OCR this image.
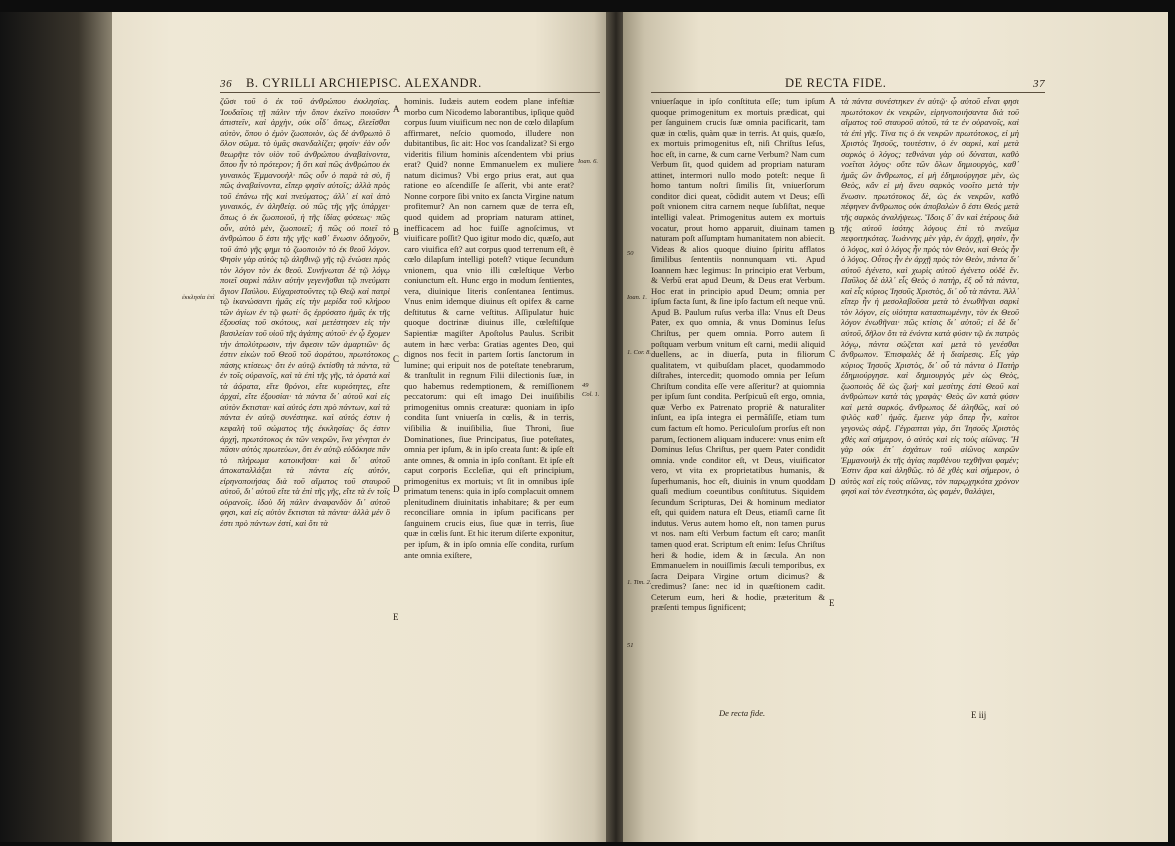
36 B. CYRILLI ARCHIEPISC. ALEXANDR.
ἐκκλησία ἐπὶ

ζῶσι τοῦ ὁ ἐκ τοῦ ἀνθρώπου ἐκκλησίας. Ἰουδαῖοις τῇ πάλιν τὴν ὅπον ἐκεῖνο ποιοῦσιν ἀπιστεῖν, καὶ ἀρχὴν, οὐκ οἶδ᾽ ὅπως, ἐλεεῖσθαι αὐτὸν, ὅπου ὁ ἐμὸν ζωοποιὸν, ὡς δὲ ἀνθρωπὸ ὃ ὅλον σῶμα. τὸ ὑμᾶς σκανδαλίζει; φησίν· ἐὰν οὖν θεωρῆτε τὸν υἱὸν τοῦ ἀνθρώπου ἀναβαίνοντα, ὅπου ἦν τὸ πρότερον; ἢ ὅτι καὶ πῶς ἀνθρώπου ἐκ γυναικὸς Ἐμμανουὴλ· πῶς οὖν ὁ παρὰ τὰ σὺ, ἢ πῶς ἀναβαίνοντα, εἴπερ φησὶν αὐτοῖς; ἀλλὰ πρὸς τοῦ ἐπάνω τῆς καὶ πνεύματος; ἀλλ᾽ εἰ καὶ ἀπὸ γυναικός, ἐν ἀληθείᾳ. οὐ πῶς τῆς γῆς ὑπάρχει· ὅπως ὁ ἐκ ζωοποιοῦ, ἡ τῆς ἰδίας φύσεως· πῶς οὖν, αὐτὸ μὲν, ζωοποιεῖ; ἢ πῶς οὐ ποιεῖ τὸ ἀνθρώπου ὅ ἐστι τῆς γῆς· καθ᾽ ἕνωσιν ὁδηγοῦν, τοῦ ἀπὸ γῆς φημι τὸ ζωοποιὸν τὸ ἐκ θεοῦ λόγον. Φησὶν γὰρ αὐτὸς τῷ ἀληθινῷ γῆς τῷ ἐνώσει πρὸς τὸν λόγον τὸν ἐκ θεοῦ. Συνήνωται δὲ τῷ λόγῳ ποιεῖ σαρκὶ πάλιν αὐτὴν γεγενῆσθαι τῷ πνεύματι ἅγιον Παύλου. Εὐχαριστοῦντες τῷ Θεῷ καὶ πατρὶ τῷ ἱκανώσαντι ἡμᾶς εἰς τὴν μερίδα τοῦ κλήρου τῶν ἁγίων ἐν τῷ φωτί· ὃς ἐρρύσατο ἡμᾶς ἐκ τῆς ἐξουσίας τοῦ σκότους, καὶ μετέστησεν εἰς τὴν βασιλείαν τοῦ υἱοῦ τῆς ἀγάπης αὐτοῦ· ἐν ᾧ ἔχομεν τὴν ἀπολύτρωσιν, τὴν ἄφεσιν τῶν ἁμαρτιῶν· ὅς ἐστιν εἰκὼν τοῦ Θεοῦ τοῦ ἀοράτου, πρωτότοκος πάσης κτίσεως· ὅτι ἐν αὐτῷ ἐκτίσθη τὰ πάντα, τὰ ἐν τοῖς οὐρανοῖς, καὶ τὰ ἐπὶ τῆς γῆς, τὰ ὁρατὰ καὶ τὰ ἀόρατα, εἴτε θρόνοι, εἴτε κυριότητες, εἴτε ἀρχαί, εἴτε ἐξουσίαι· τὰ πάντα δι᾽ αὐτοῦ καὶ εἰς αὐτὸν ἔκτισται· καὶ αὐτός ἐστι πρὸ πάντων, καὶ τὰ πάντα ἐν αὐτῷ συνέστηκε. καὶ αὐτός ἐστιν ἡ κεφαλὴ τοῦ σώματος τῆς ἐκκλησίας· ὅς ἐστιν ἀρχή, πρωτότοκος ἐκ τῶν νεκρῶν, ἵνα γένηται ἐν πᾶσιν αὐτὸς πρωτεύων, ὅτι ἐν αὐτῷ εὐδόκησε πᾶν τὸ πλήρωμα κατοικῆσαι· καὶ δι᾽ αὐτοῦ ἀποκαταλλάξαι τὰ πάντα εἰς αὐτόν, εἰρηνοποιήσας διὰ τοῦ αἵματος τοῦ σταυροῦ αὐτοῦ, δι᾽ αὐτοῦ εἴτε τὰ ἐπὶ τῆς γῆς, εἴτε τὰ ἐν τοῖς οὐρανοῖς. ἰδοὺ δὴ πάλιν ἀναφανδὸν δι᾽ αὐτοῦ φησι, καὶ εἰς αὐτὸν ἔκτισται τὰ πάντα· ἀλλὰ μέν ὃ ἐστι πρὸ πάντων ἐστί, καὶ ὅτι τὰ

A
B
C
D
E

hominis. Iudæis autem eodem plane infeſtiæ morbo cum Nicodemo laborantibus, ipſique quòd corpus ſuum viuificum nec non de cœlo dilapſum affirmaret, neſcio quomodo, illudere non dubitantibus, ſic ait: Hoc vos ſcandalizat? Si ergo videritis filium hominis aſcendentem vbi prius erat? Quid? nonne Emmanuelem ex muliere natum dicimus? Vbi ergo prius erat, aut qua ratione eo aſcendiſſe ſe aſſerit, vbi ante erat? Nonne corpore ſibi vnito ex ſancta Virgine natum profitemur? An non carnem quæ de terra eſt, quod quidem ad propriam naturam attinet, inefficacem ad hoc fuiſſe agnoſcimus, vt viuificare poſſit? Quo igitur modo dic, quæſo, aut caro viuifica eſt? aut corpus quod terrenum eſt, è cœlo dilapſum intelligi poteſt? vtique ſecundum vnionem, qua vnio illi cœleſtique Verbo coniunctum eſt. Hunc ergo in modum ſentientes, vera, diuinique literis conſentanea ſentimus. Vnus enim idemque diuinus eſt opifex & carne deſtitutus & carne veſtitus. Aſſipulatur huic quoque doctrinæ diuinus ille, cœleſtiſque Sapientiæ magiſter Apoſtolus Paulus. Scribit autem in hæc verba: Gratias agentes Deo, qui dignos nos fecit in partem ſortis ſanctorum in lumine; qui eripuit nos de poteſtate tenebrarum, & tranſtulit in regnum Filii dilectionis ſuæ, in quo habemus redemptionem, & remiſſionem peccatorum: qui eſt imago Dei inuiſibilis primogenitus omnis creaturæ: quoniam in ipſo condita ſunt vniuerſa in cœlis, & in terris, viſibilia & inuiſibilia, ſiue Throni, ſiue Dominationes, ſiue Principatus, ſiue poteſtates, omnia per ipſum, & in ipſo creata ſunt: & ipſe eſt ante omnes, & omnia in ipſo conſtant. Et ipſe eſt caput corporis Eccleſiæ, qui eſt principium, primogenitus ex mortuis; vt ſit in omnibus ipſe primatum tenens: quia in ipſo complacuit omnem plenitudinem diuinitatis inhabitare; & per eum reconciliare omnia in ipſum pacificans per ſanguinem crucis eius, ſiue quæ in terris, ſiue quæ in cœlis ſunt. Et hic iterum diſerte exponitur, per ipſum, & in ipſo omnia eſſe condita, rurſum ante omnia exiſtere,

Ioan. 6.
49
Col. 1.
DE RECTA FIDE.	37
50
Ioan. 1.
1. Cor. 8.
1. Tim. 2.
51

vniuerſaque in ipſo conſtituta eſſe; tum ipſum quoque primogenitum ex mortuis prædicat, qui per ſanguinem crucis ſuæ omnia pacificarit, tam quæ in cœlis, quàm quæ in terris. At quis, quæſo, ex mortuis primogenitus eſt, niſi Chriſtus Ieſus, hoc eſt, in carne, & cum carne Verbum? Nam cum Verbum ſit, quod quidem ad propriam naturam attinet, intermori nullo modo poteſt: neque ſi homo tantum noſtri ſimilis ſit, vniuerſorum conditor dici queat, cõdidit autem vt Deus; eſſi poſt vnionem citra carnem neque ſubſiſtat, neque intelligi valeat. Primogenitus autem ex mortuis vocatur, prout homo apparuit, diuinam tamen naturam poſt aſſumptam humanitatem non abiecit. Videas & alios quoque diuino ſpiritu afflatos ſimilibus ſententiis nonnunquam vti. Apud Ioannem hæc legimus: In principio erat Verbum, & Verbū erat apud Deum, & Deus erat Verbum. Hoc erat in principio apud Deum; omnia per ipſum facta ſunt, & ſine ipſo factum eſt neque vnū. Apud B. Paulum ruſus verba illa: Vnus eſt Deus Pater, ex quo omnia, & vnus Dominus Ieſus Chriſtus, per quem omnia. Porro autem ſi poſtquam verbum vnitum eſt carni, medii aliquid duellens, ac in diuerſa, puta in filiorum qualitatem, vt quibuſdam placet, quodammodo diſtrahes, intercedit; quomodo omnia per Ieſum Chriſtum condita eſſe vere aſſeritur? at quiomnia per ipſum ſunt condita. Perſpicuũ eſt ergo, omnia, quæ Verbo ex Patrenato propriè & naturaliter inſunt, ea ipſa integra ei permāſiſſe, etiam tum cum factum eſt homo. Periculoſum prorſus eſt non parum, ſectionem aliquam inducere: vnus enim eſt Dominus Ieſus Chriſtus, per quem Pater condidit omnia. vnde conditor eſt, vt Deus, viuificator vero, vt vita ex proprietatibus humanis, & ſuperhumanis, hoc eſt, diuinis in vnum quoddam quaſi medium coeuntibus conſtitutus. Siquidem ſecundum Scripturas, Dei & hominum mediator eſt, qui quidem natura eſt Deus, etiamſi carne ſit indutus. Verus autem homo eſt, non tamen purus vt nos. nam eſti Verbum factum eſt caro; manſit tamen quod erat. Scriptum eſt enim: Ieſus Chriſtus heri & hodie, idem & in ſæcula. An non Emmanuelem in nouiſſimis ſæculi temporibus, ex ſacra Deipara Virgine ortum dicimus? & credimus? ſane: nec id in quæſtionem cadit. Ceterum eum, heri & hodie, præteritum & præſenti tempus ſignificent;

A
B
C
D
E

τὰ πάντα συνέστηκεν ἐν αὐτῷ· ᾧ αὐτοῦ εἶναι φησι πρωτότοκον ἐκ νεκρῶν, εἰρηνοποιήσαντα διὰ τοῦ αἵματος τοῦ σταυροῦ αὐτοῦ, τά τε ἐν οὐρανοῖς, καὶ τὰ ἐπὶ γῆς. Τίνα τις ὁ ἐκ νεκρῶν πρωτότοκος, εἰ μὴ Χριστὸς Ἰησοῦς, τουτέστιν, ὁ ἐν σαρκὶ, καὶ μετὰ σαρκὸς ὁ λόγος; τεθνάναι γὰρ οὐ δύναται, καθὸ νοεῖται λόγος· οὔτε τῶν ὅλων δημιουργὸς, καθ᾽ ἡμᾶς ὢν ἄνθρωπος, εἰ μὴ ἐδημιούργησε μὲν, ὡς Θεὸς, κἂν εἰ μὴ ἄνευ σαρκὸς νοοῖτο μετὰ τὴν ἕνωσιν. πρωτότοκος δὲ, ὡς ἐκ νεκρῶν, καθὸ πέφηνεν ἄνθρωπος οὐκ ἀποβαλὼν ὃ ἐστι Θεός μετὰ τῆς σαρκὸς ἀναλήψεως. Ἴδοις δ᾽ ἂν καὶ ἑτέρους διὰ τῆς αὐτοῦ ἰσότης λόγους ἐπὶ τὸ πνεῦμα πεφοιτηκότας. Ἰωάννης μὲν γὰρ, ἐν ἀρχῇ, φησὶν, ἦν ὁ λόγος, καὶ ὁ λόγος ἦν πρὸς τὸν Θεὸν, καὶ Θεὸς ἦν ὁ λόγος. Οὗτος ἦν ἐν ἀρχῇ πρὸς τὸν Θεὸν, πάντα δι᾽ αὐτοῦ ἐγένετο, καὶ χωρὶς αὐτοῦ ἐγένετο οὐδὲ ἕν. Παῦλος δὲ ἀλλ᾽ εἷς Θεὸς ὁ πατὴρ, ἐξ οὗ τὰ πάντα, καὶ εἷς κύριος Ἰησοῦς Χριστὸς, δι᾽ οὗ τὰ πάντα. Ἀλλ᾽ εἴπερ ἦν ἡ μεσολαβοῦσα μετὰ τὸ ἑνωθῆναι σαρκὶ τὸν λόγον, εἰς υἱότητα κατασπωμένην, τὸν ἐκ Θεοῦ λόγον ἐνωθῆναι· πῶς κτίσις δι᾽ αὐτοῦ; εἰ δὲ δι᾽ αὐτοῦ, δῆλον ὅτι τὰ ἐνόντα κατὰ φύσιν τῷ ἐκ πατρὸς λόγῳ, πάντα σώζεται καὶ μετὰ τὸ γενέσθαι ἄνθρωπον. Ἐπισφαλὲς δὲ ἡ διαίρεσις. Εἷς γὰρ κύριος Ἰησοῦς Χριστὸς, δι᾽ οὗ τὰ πάντα ὁ Πατὴρ ἐδημιούργησε. καὶ δημιουργὸς μὲν ὡς Θεὸς, ζωοποιὸς δὲ ὡς ζωή· καὶ μεσίτης ἐστὶ Θεοῦ καὶ ἀνθρώπων κατὰ τὰς γραφὰς· Θεὸς ὢν κατὰ φύσιν καὶ μετὰ σαρκός. ἄνθρωπος δὲ ἀληθῶς, καὶ οὐ ψιλὸς καθ᾽ ἡμᾶς. ἔμεινε γὰρ ὅπερ ἦν, καίτοι γεγονὼς σάρξ. Γέγραπται γὰρ, ὅτι Ἰησοῦς Χριστὸς χθὲς καὶ σήμερον, ὁ αὐτὸς καὶ εἰς τοὺς αἰῶνας. Ἢ γὰρ οὐκ ἐπ᾽ ἐσχάτων τοῦ αἰῶνος καιρῶν Ἐμμανουὴλ ἐκ τῆς ἁγίας παρθένου τεχθῆναι φαμέν; Ἐστιν ἄρα καὶ ἀληθῶς. τὸ δὲ χθὲς καὶ σήμερον, ὁ αὐτὸς καὶ εἰς τοὺς αἰῶνας, τὸν παρῳχηκότα χρόνον φησὶ καὶ τὸν ἐνεστηκότα, ὡς φαμέν, θαλάψει,

De recta fide.	E iij
